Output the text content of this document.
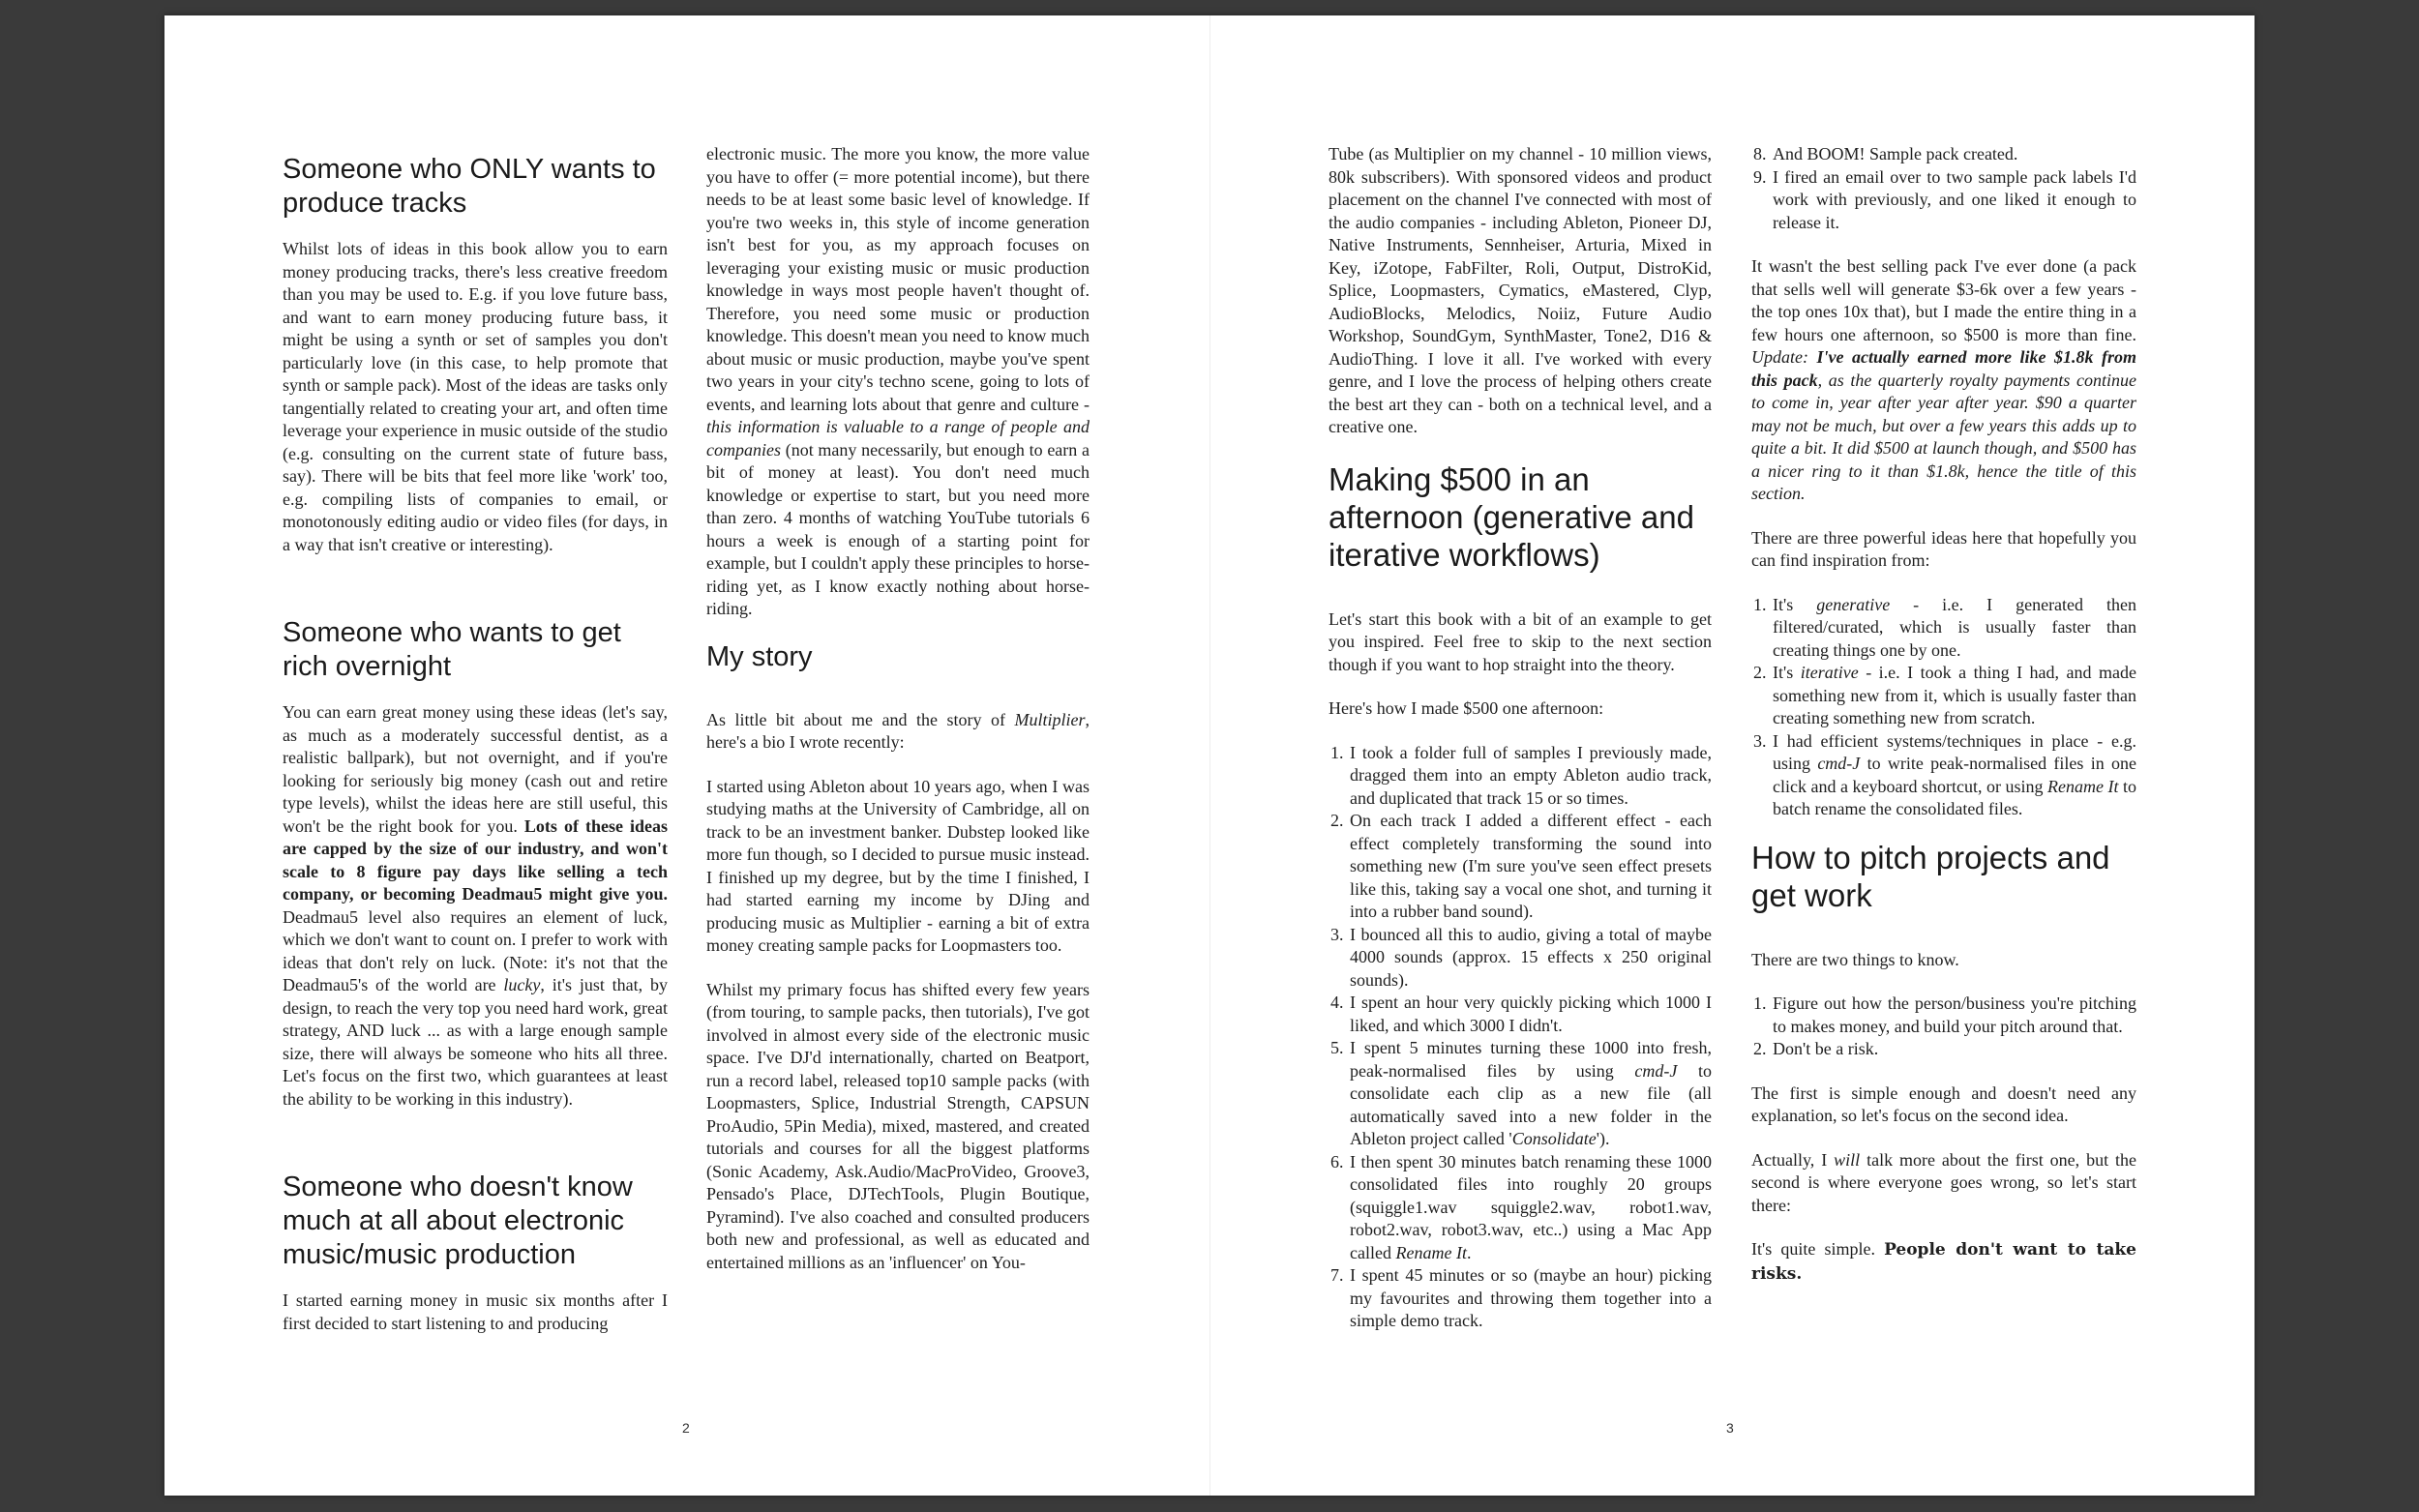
Someone who ONLY wants to produce tracks

Whilst lots of ideas in this book allow you to earn money producing tracks, there's less creative freedom than you may be used to. E.g. if you love future bass, and want to earn money producing future bass, it might be using a synth or set of samples you don't particularly love (in this case, to help promote that synth or sample pack). Most of the ideas are tasks only tangentially related to creating your art, and often time leverage your experience in music outside of the studio (e.g. consulting on the current state of future bass, say). There will be bits that feel more like 'work' too, e.g. compiling lists of companies to email, or monotonously editing audio or video files (for days, in a way that isn't creative or interesting).

Someone who wants to get rich overnight

You can earn great money using these ideas (let's say, as much as a moderately successful dentist, as a realistic ballpark), but not overnight, and if you're looking for seriously big money (cash out and retire type levels), whilst the ideas here are still useful, this won't be the right book for you. Lots of these ideas are capped by the size of our industry, and won't scale to 8 figure pay days like selling a tech company, or becoming Deadmau5 might give you. Deadmau5 level also requires an element of luck, which we don't want to count on. I prefer to work with ideas that don't rely on luck. (Note: it's not that the Deadmau5's of the world are lucky, it's just that, by design, to reach the very top you need hard work, great strategy, AND luck ... as with a large enough sample size, there will always be someone who hits all three. Let's focus on the first two, which guarantees at least the ability to be working in this industry).

Someone who doesn't know much at all about electronic music/music production

I started earning money in music six months after I first decided to start listening to and producing

electronic music. The more you know, the more value you have to offer (= more potential income), but there needs to be at least some basic level of knowledge. If you're two weeks in, this style of income generation isn't best for you, as my approach focuses on leveraging your existing music or music production knowledge in ways most people haven't thought of. Therefore, you need some music or production knowledge. This doesn't mean you need to know much about music or music production, maybe you've spent two years in your city's techno scene, going to lots of events, and learning lots about that genre and culture - this information is valuable to a range of people and companies (not many necessarily, but enough to earn a bit of money at least). You don't need much knowledge or expertise to start, but you need more than zero. 4 months of watching YouTube tutorials 6 hours a week is enough of a starting point for example, but I couldn't apply these principles to horse-riding yet, as I know exactly nothing about horse-riding.

My story

As little bit about me and the story of Multiplier, here's a bio I wrote recently:

I started using Ableton about 10 years ago, when I was studying maths at the University of Cambridge, all on track to be an investment banker. Dubstep looked like more fun though, so I decided to pursue music instead. I finished up my degree, but by the time I finished, I had started earning my income by DJing and producing music as Multiplier - earning a bit of extra money creating sample packs for Loopmasters too.

Whilst my primary focus has shifted every few years (from touring, to sample packs, then tutorials), I've got involved in almost every side of the electronic music space. I've DJ'd internationally, charted on Beatport, run a record label, released top10 sample packs (with Loopmasters, Splice, Industrial Strength, CAPSUN ProAudio, 5Pin Media), mixed, mastered, and created tutorials and courses for all the biggest platforms (Sonic Academy, Ask.Audio/MacProVideo, Groove3, Pensado's Place, DJTechTools, Plugin Boutique, Pyramind). I've also coached and consulted producers both new and professional, as well as educated and entertained millions as an 'influencer' on You-

2

Tube (as Multiplier on my channel - 10 million views, 80k subscribers). With sponsored videos and product placement on the channel I've connected with most of the audio companies - including Ableton, Pioneer DJ, Native Instruments, Sennheiser, Arturia, Mixed in Key, iZotope, FabFilter, Roli, Output, DistroKid, Splice, Loopmasters, Cymatics, eMastered, Clyp, AudioBlocks, Melodics, Noiiz, Future Audio Workshop, SoundGym, SynthMaster, Tone2, D16 & AudioThing. I love it all. I've worked with every genre, and I love the process of helping others create the best art they can - both on a technical level, and a creative one.

Making $500 in an afternoon (generative and iterative workflows)

Let's start this book with a bit of an example to get you inspired. Feel free to skip to the next section though if you want to hop straight into the theory.

Here's how I made $500 one afternoon:

1. I took a folder full of samples I previously made, dragged them into an empty Ableton audio track, and duplicated that track 15 or so times.
2. On each track I added a different effect - each effect completely transforming the sound into something new (I'm sure you've seen effect presets like this, taking say a vocal one shot, and turning it into a rubber band sound).
3. I bounced all this to audio, giving a total of maybe 4000 sounds (approx. 15 effects x 250 original sounds).
4. I spent an hour very quickly picking which 1000 I liked, and which 3000 I didn't.
5. I spent 5 minutes turning these 1000 into fresh, peak-normalised files by using cmd-J to consolidate each clip as a new file (all automatically saved into a new folder in the Ableton project called 'Consolidate').
6. I then spent 30 minutes batch renaming these 1000 consolidated files into roughly 20 groups (squiggle1.wav squiggle2.wav, robot1.wav, robot2.wav, robot3.wav, etc..) using a Mac App called Rename It.
7. I spent 45 minutes or so (maybe an hour) picking my favourites and throwing them together into a simple demo track.
8. And BOOM! Sample pack created.
9. I fired an email over to two sample pack labels I'd work with previously, and one liked it enough to release it.

It wasn't the best selling pack I've ever done (a pack that sells well will generate $3-6k over a few years - the top ones 10x that), but I made the entire thing in a few hours one afternoon, so $500 is more than fine. Update: I've actually earned more like $1.8k from this pack, as the quarterly royalty payments continue to come in, year after year after year. $90 a quarter may not be much, but over a few years this adds up to quite a bit. It did $500 at launch though, and $500 has a nicer ring to it than $1.8k, hence the title of this section.

There are three powerful ideas here that hopefully you can find inspiration from:

1. It's generative - i.e. I generated then filtered/curated, which is usually faster than creating things one by one.
2. It's iterative - i.e. I took a thing I had, and made something new from it, which is usually faster than creating something new from scratch.
3. I had efficient systems/techniques in place - e.g. using cmd-J to write peak-normalised files in one click and a keyboard shortcut, or using Rename It to batch rename the consolidated files.
How to pitch projects and get work

There are two things to know.

1. Figure out how the person/business you're pitching to makes money, and build your pitch around that.
2. Don't be a risk.

The first is simple enough and doesn't need any explanation, so let's focus on the second idea.

Actually, I will talk more about the first one, but the second is where everyone goes wrong, so let's start there:

It's quite simple. People don't want to take risks.

3
